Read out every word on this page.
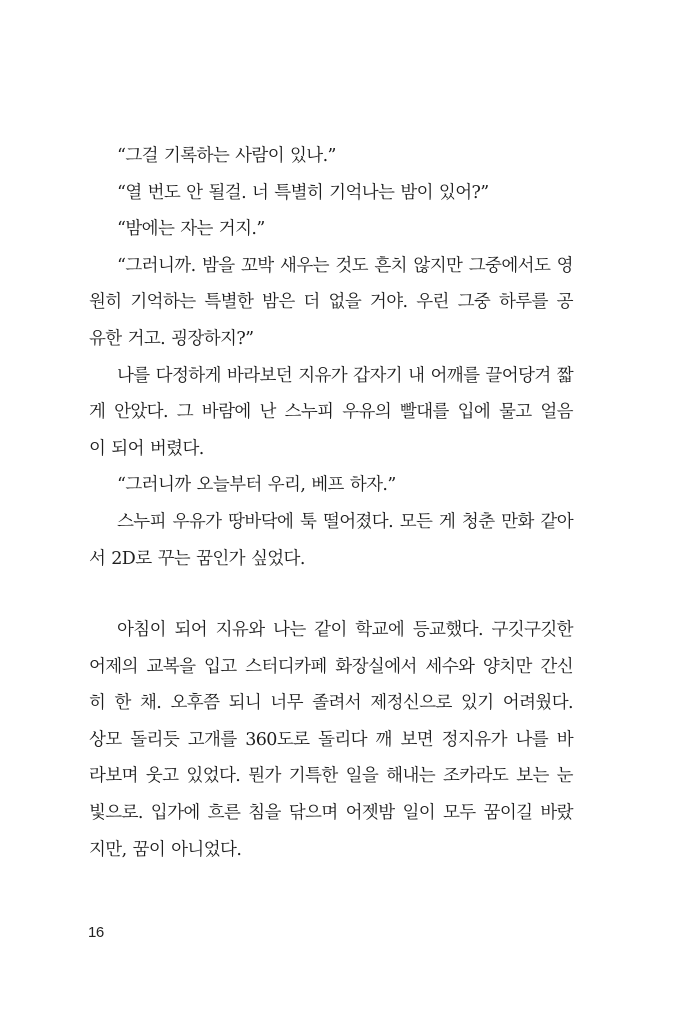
“그걸 기록하는 사람이 있나.”

“열 번도 안 될걸. 너 특별히 기억나는 밤이 있어?”

“밤에는 자는 거지.”

“그러니까. 밤을 꼬박 새우는 것도 흔치 않지만 그중에서도 영
원히 기억하는 특별한 밤은 더 없을 거야. 우린 그중 하루를 공
유한 거고. 굉장하지?”

나를 다정하게 바라보던 지유가 갑자기 내 어깨를 끌어당겨 짧
게 안았다. 그 바람에 난 스누피 우유의 빨대를 입에 물고 얼음
이 되어 버렸다.

“그러니까 오늘부터 우리, 베프 하자.”

스누피 우유가 땅바닥에 툭 떨어졌다. 모든 게 청춘 만화 같아
서 2D로 꾸는 꿈인가 싶었다.

아침이 되어 지유와 나는 같이 학교에 등교했다. 구깃구깃한
어제의 교복을 입고 스터디카페 화장실에서 세수와 양치만 간신
히 한 채. 오후쯤 되니 너무 졸려서 제정신으로 있기 어려웠다.
상모 돌리듯 고개를 360도로 돌리다 깨 보면 정지유가 나를 바
라보며 웃고 있었다. 뭔가 기특한 일을 해내는 조카라도 보는 눈
빛으로. 입가에 흐른 침을 닦으며 어젯밤 일이 모두 꿈이길 바랐
지만, 꿈이 아니었다.

16
